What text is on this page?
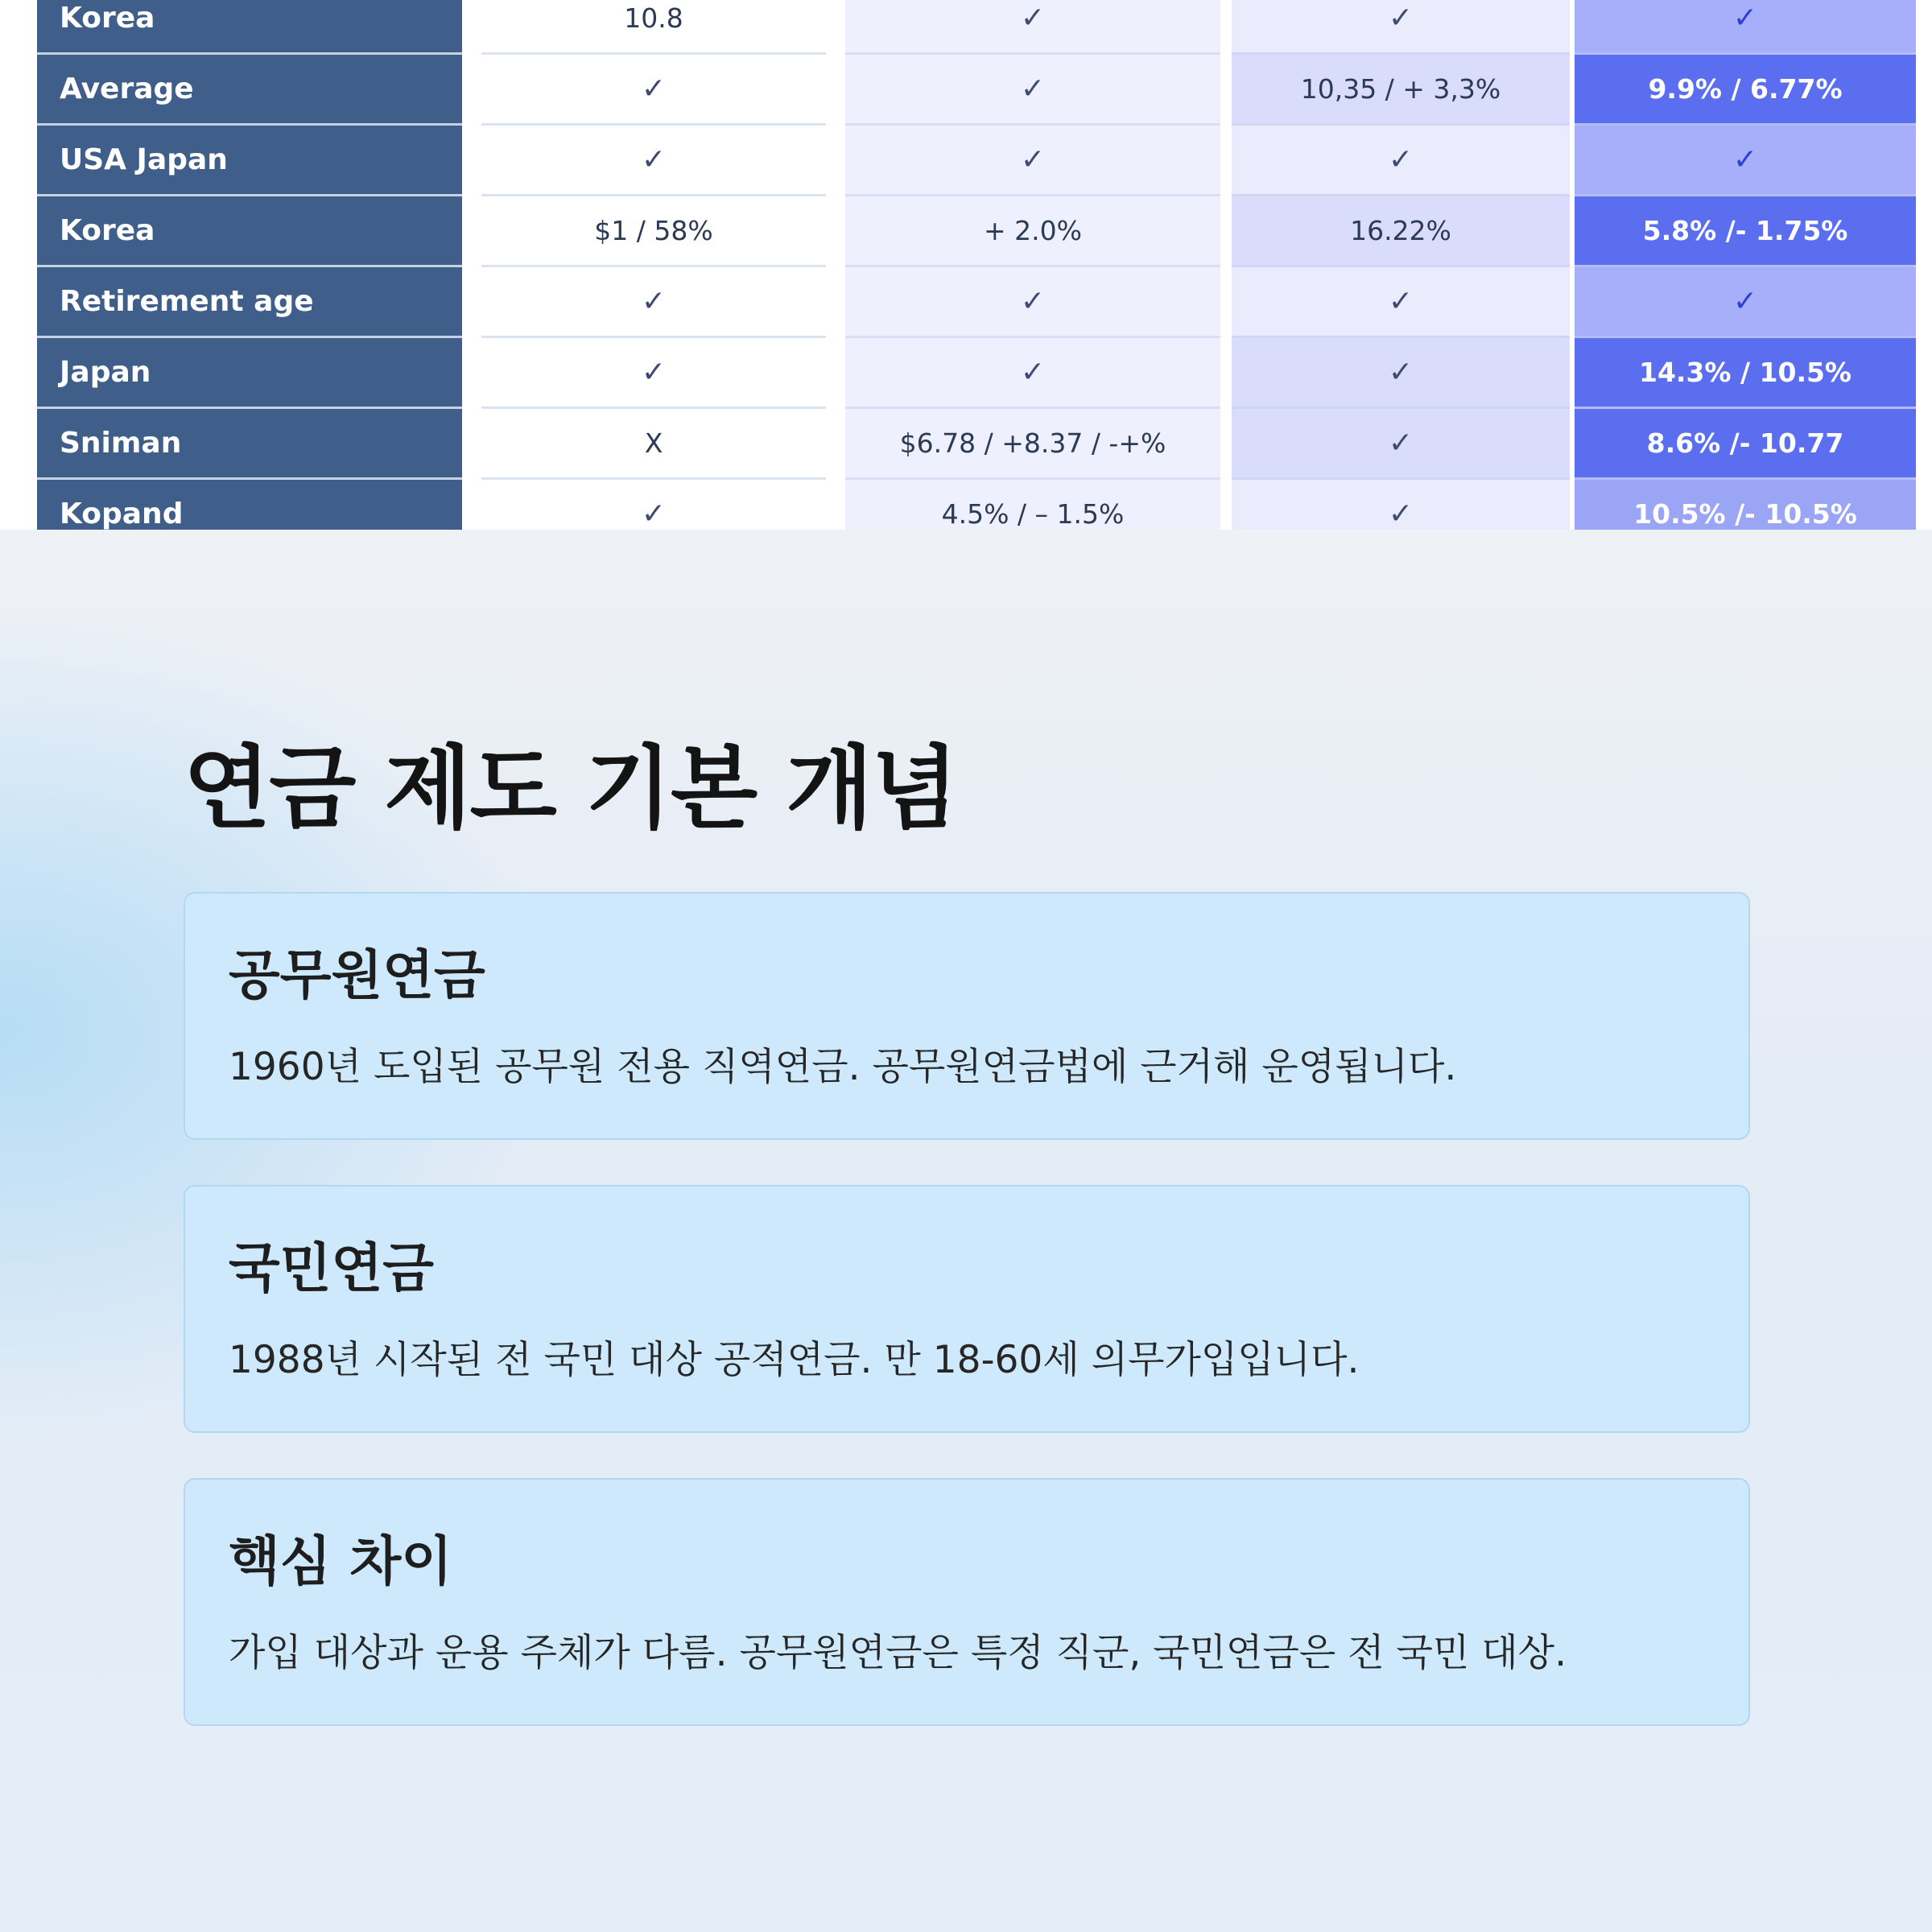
Korea	10.8	✓	✓	✓
Average	✓	✓	10,35 / + 3,3%	9.9% / 6.77%
USA Japan	✓	✓	✓	✓
Korea	$1 / 58%	+ 2.0%	16.22%	5.8% /- 1.75%
Retirement age	✓	✓	✓	✓
Japan	✓	✓	✓	14.3% / 10.5%
Sniman	X	$6.78 / +8.37 / -+%	✓	8.6% /- 10.77
Kopand	✓	4.5% / – 1.5%	✓	10.5% /- 10.5%
연금 제도 기본 개념
공무원연금

1960년 도입된 공무원 전용 직역연금. 공무원연금법에 근거해 운영됩니다.

국민연금

1988년 시작된 전 국민 대상 공적연금. 만 18-60세 의무가입입니다.

핵심 차이

가입 대상과 운용 주체가 다름. 공무원연금은 특정 직군, 국민연금은 전 국민 대상.
